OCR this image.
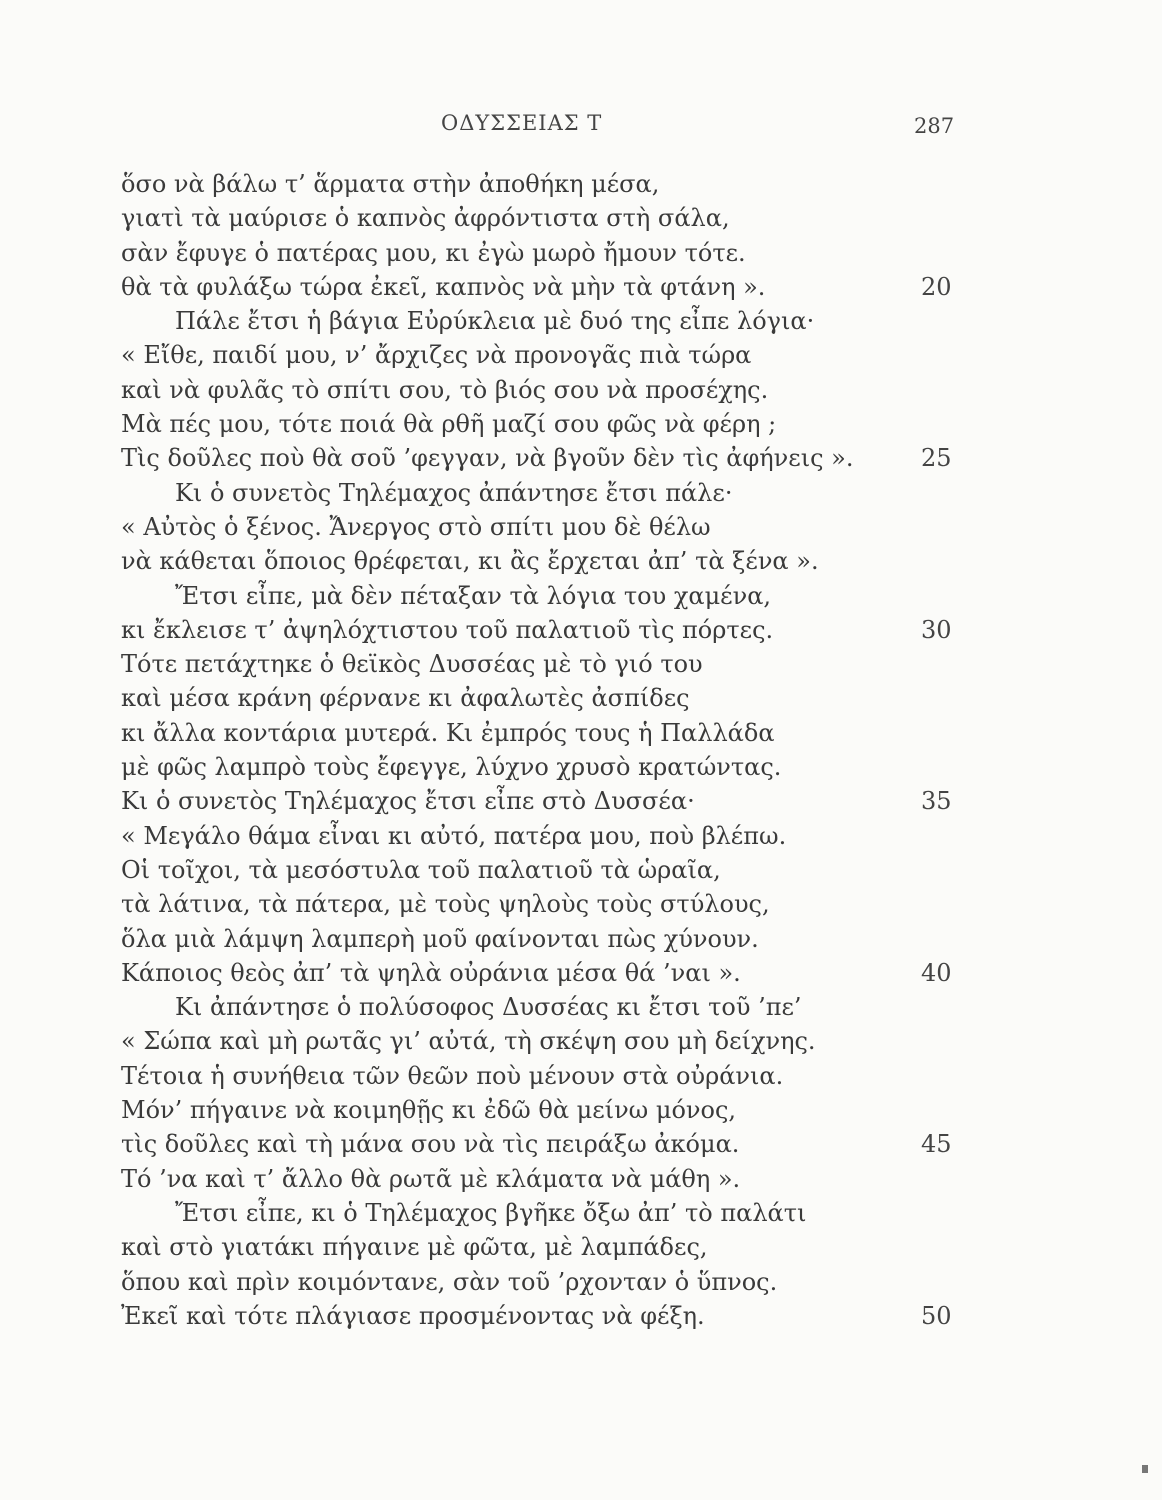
ΟΔΥΣΣΕΙΑΣ Τ	287
ὅσο νὰ βάλω τ’ ἅρματα στὴν ἀποθήκη μέσα,
γιατὶ τὰ μαύρισε ὁ καπνὸς ἀφρόντιστα στὴ σάλα,
σὰν ἔφυγε ὁ πατέρας μου, κι ἐγὼ μωρὸ ἤμουν τότε.
θὰ τὰ φυλάξω τώρα ἐκεῖ, καπνὸς νὰ μὴν τὰ φτάνη ».	20
Πάλε ἔτσι ἡ βάγια Εὐρύκλεια μὲ δυό της εἶπε λόγια·
« Εἴθε, παιδί μου, ν’ ἄρχιζες νὰ προνογᾶς πιὰ τώρα
καὶ νὰ φυλᾶς τὸ σπίτι σου, τὸ βιός σου νὰ προσέχης.
Μὰ πές μου, τότε ποιά θὰ ρθῆ μαζί σου φῶς νὰ φέρη ;
Τὶς δοῦλες ποὺ θὰ σοῦ ’φεγγαν, νὰ βγοῦν δὲν τὶς ἀφήνεις ».	25
Κι ὁ συνετὸς Τηλέμαχος ἀπάντησε ἔτσι πάλε·
« Αὐτὸς ὁ ξένος. Ἄνεργος στὸ σπίτι μου δὲ θέλω
νὰ κάθεται ὅποιος θρέφεται, κι ἂς ἔρχεται ἀπ’ τὰ ξένα ».
Ἔτσι εἶπε, μὰ δὲν πέταξαν τὰ λόγια του χαμένα,
κι ἔκλεισε τ’ ἀψηλόχτιστου τοῦ παλατιοῦ τὶς πόρτες.	30
Τότε πετάχτηκε ὁ θεϊκὸς Δυσσέας μὲ τὸ γιό του
καὶ μέσα κράνη φέρνανε κι ἀφαλωτὲς ἀσπίδες
κι ἄλλα κοντάρια μυτερά. Κι ἐμπρός τους ἡ Παλλάδα
μὲ φῶς λαμπρὸ τοὺς ἔφεγγε, λύχνο χρυσὸ κρατώντας.
Κι ὁ συνετὸς Τηλέμαχος ἔτσι εἶπε στὸ Δυσσέα·	35
« Μεγάλο θάμα εἶναι κι αὐτό, πατέρα μου, ποὺ βλέπω.
Οἱ τοῖχοι, τὰ μεσόστυλα τοῦ παλατιοῦ τὰ ὡραῖα,
τὰ λάτινα, τὰ πάτερα, μὲ τοὺς ψηλοὺς τοὺς στύλους,
ὅλα μιὰ λάμψη λαμπερὴ μοῦ φαίνονται πὼς χύνουν.
Κάποιος θεὸς ἀπ’ τὰ ψηλὰ οὐράνια μέσα θά ’ναι ».	40
Κι ἀπάντησε ὁ πολύσοφος Δυσσέας κι ἔτσι τοῦ ’πε’
« Σώπα καὶ μὴ ρωτᾶς γι’ αὐτά, τὴ σκέψη σου μὴ δείχνης.
Τέτοια ἡ συνήθεια τῶν θεῶν ποὺ μένουν στὰ οὐράνια.
Μόν’ πήγαινε νὰ κοιμηθῇς κι ἐδῶ θὰ μείνω μόνος,
τὶς δοῦλες καὶ τὴ μάνα σου νὰ τὶς πειράξω ἀκόμα.	45
Τό ’να καὶ τ’ ἄλλο θὰ ρωτᾶ μὲ κλάματα νὰ μάθη ».
Ἔτσι εἶπε, κι ὁ Τηλέμαχος βγῆκε ὄξω ἀπ’ τὸ παλάτι
καὶ στὸ γιατάκι πήγαινε μὲ φῶτα, μὲ λαμπάδες,
ὅπου καὶ πρὶν κοιμόντανε, σὰν τοῦ ’ρχονταν ὁ ὕπνος.
Ἐκεῖ καὶ τότε πλάγιασε προσμένοντας νὰ φέξη.	50
